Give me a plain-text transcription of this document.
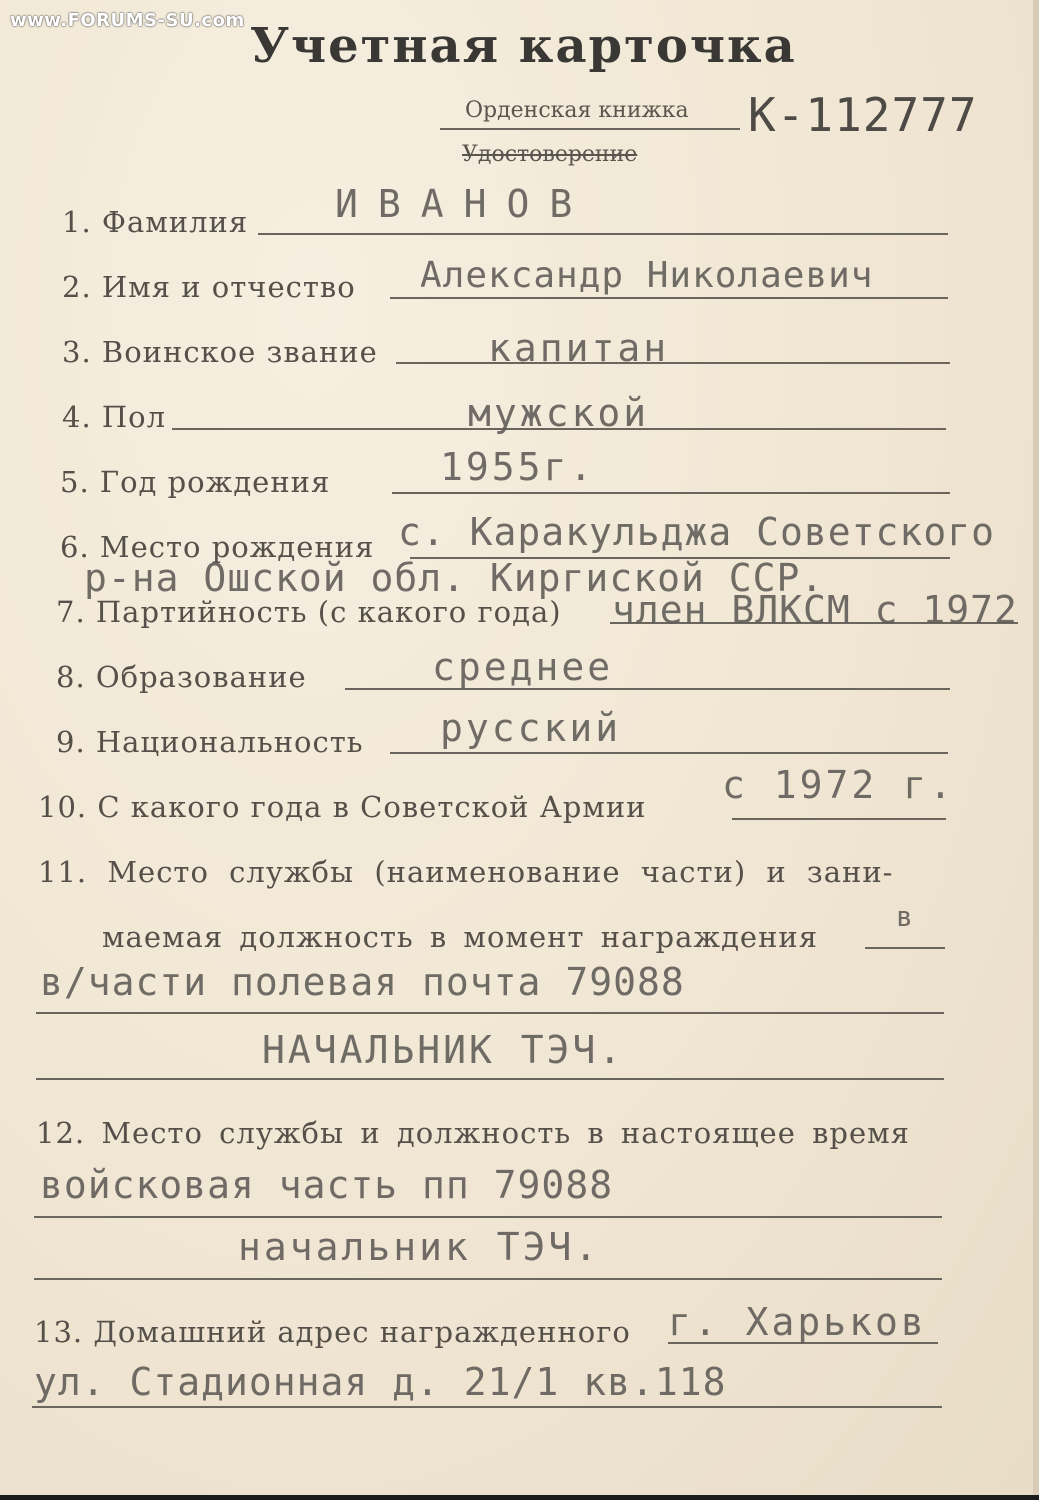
www.FORUMS-SU.com Учетная карточка
Орденская книжка
Удостоверение
К-112777
1. Фамилия ИВАНОВ
2. Имя и отчество Александр Николаевич
3. Воинское звание	капитан
4. Пол	мужской
5. Год рождения	1955г.
6. Место рождения с. Каракульджа Советского
р-на Ошской обл. Киргиской ССР.
7. Партийность (с какого года) член ВЛКСМ с 1972
8. Образование	среднее
9. Национальность русский
10. С какого года в Советской Армии с 1972 г.
11. Место службы (наименование части) и зани-
маемая должность в момент награждения
в
в/части полевая почта 79088
НАЧАЛЬНИК ТЭЧ.
12. Место службы и должность в настоящее время
войсковая часть пп 79088
начальник ТЭЧ.
13. Домашний адрес награжденного г. Харьков
ул. Стадионная д. 21/1 кв.118
